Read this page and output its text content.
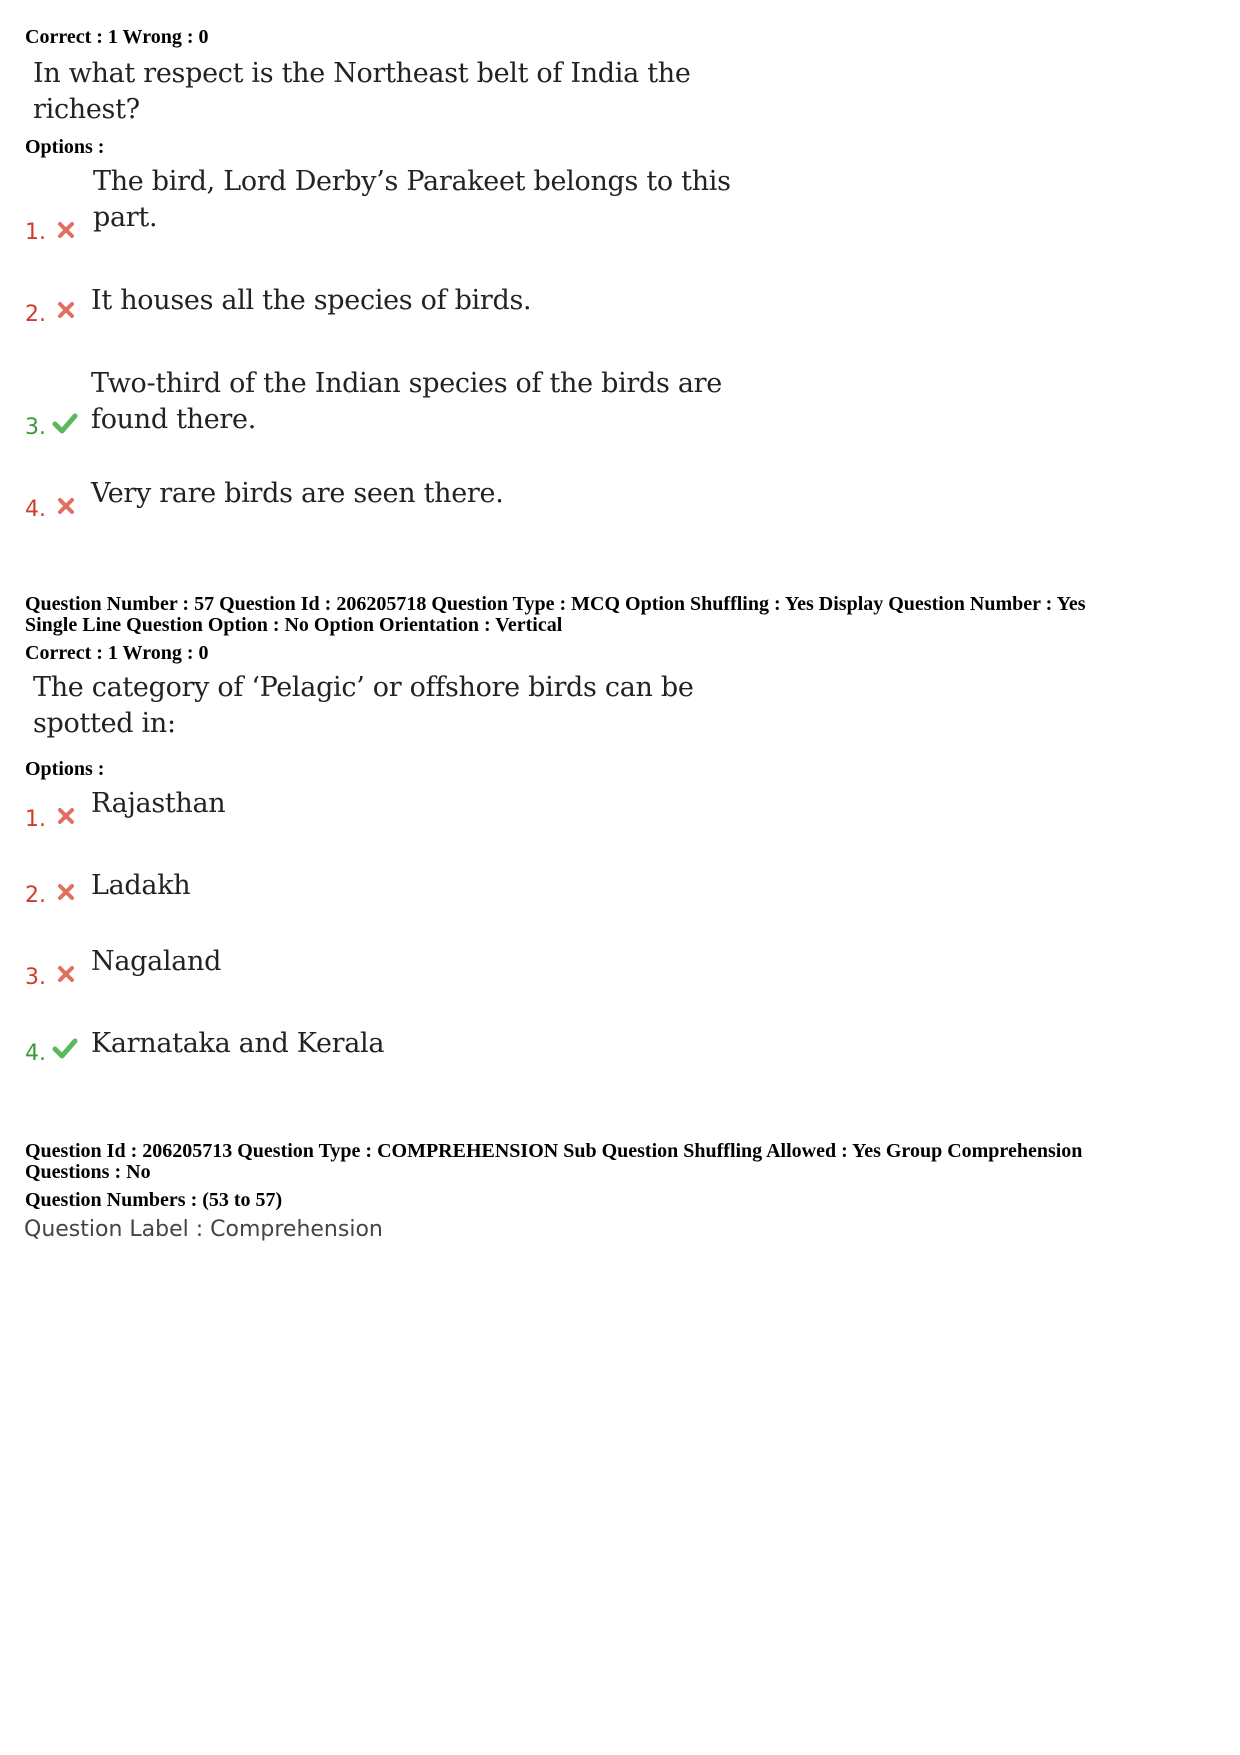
Correct : 1 Wrong : 0
In what respect is the Northeast belt of India the
richest?
Options :
The bird, Lord Derby’s Parakeet belongs to this
part.
1.
It houses all the species of birds.
2.
Two-third of the Indian species of the birds are
found there.
3.
Very rare birds are seen there.
4.
Question Number : 57 Question Id : 206205718 Question Type : MCQ Option Shuffling : Yes Display Question Number : Yes
Single Line Question Option : No Option Orientation : Vertical
Correct : 1 Wrong : 0
The category of ‘Pelagic’ or offshore birds can be
spotted in:
Options :
Rajasthan
1.
Ladakh
2.
Nagaland
3.
Karnataka and Kerala
4.
Question Id : 206205713 Question Type : COMPREHENSION Sub Question Shuffling Allowed : Yes Group Comprehension
Questions : No
Question Numbers : (53 to 57)
Question Label : Comprehension
